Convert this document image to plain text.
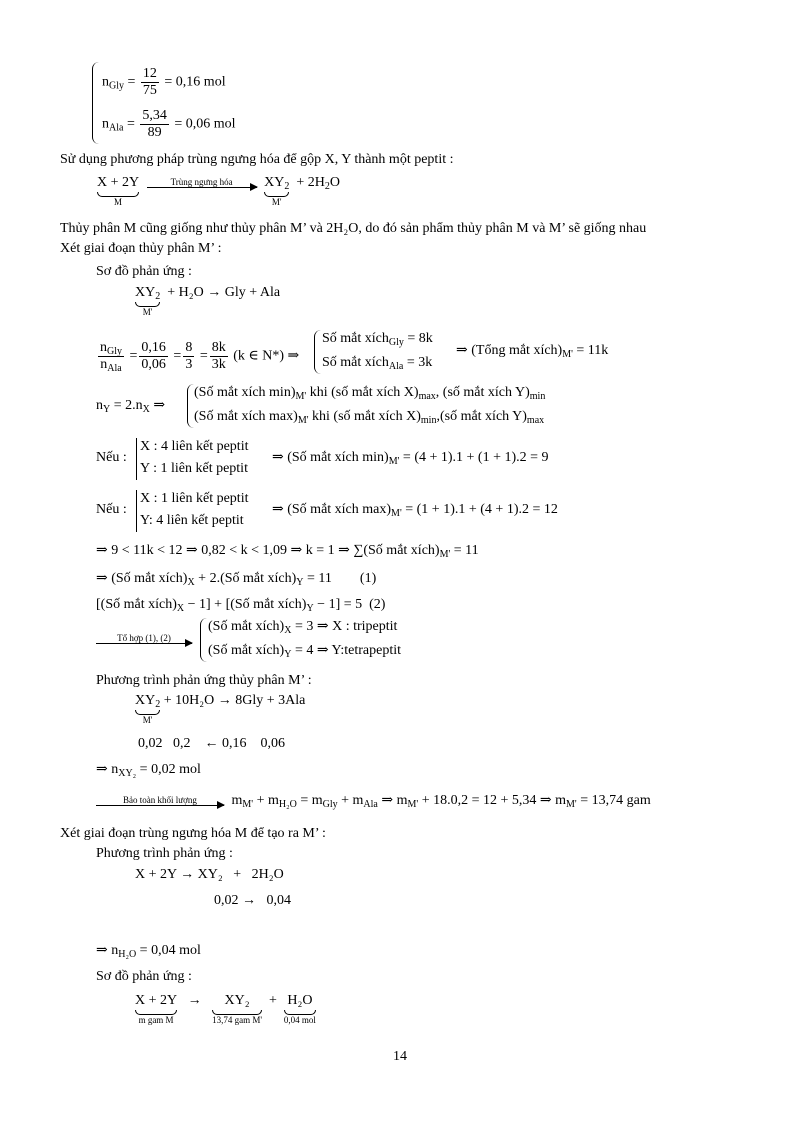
$n_{Gly} = \frac{12}{75} = 0,16$ mol
$n_{Ala} = \frac{5,34}{89} = 0,06$ mol
Sử dụng phương pháp trùng ngưng hóa để gộp X, Y thành một peptit :
X + 2Y
M

Trùng ngưng hóa
$XY_2$
M'
+ $2H_2O$
Thủy phân M cũng giống như thủy phân M’ và 2H₂O, do đó sản phẩm thủy phân M và M’ sẽ giống nhau
Xét giai đoạn thủy phân M’ :
Sơ đồ phản ứng :
$XY_2$
M'
+ H₂O → Gly + Ala
$\frac{n_{Gly}}{n_{Ala}} = \frac{0,16}{0,06} = \frac{8}{3} = \frac{8k}{3k} (k$ ∈ N*) ⇒
Số mắt xích$_{Gly}$ = 8k
Số mắt xích$_{Ala}$ = 3k
⇒ (Tổng mắt $xích)_{M'} = 11k$
$n_Y = 2.n_X$ ⇒
(Số mắt xích $\min)_{M'}$ khi (số mắt xích $X)_{max}$, (số mắt xích $Y)_{min}$
(Số mắt xích $\max)_{M'}$ khi (số mắt xích $X)_{min},(số$ mắt xích $Y)_{max}$
Nếu :
X : 4 liên kết peptit
Y : 1 liên kết peptit
⇒ (Số mắt xích $\min)_{M'} = (4 + 1).1 + (1 + 1).2 = 9$
Nếu :
X : 1 liên kết peptit
Y: 4 liên kết peptit
⇒ (Số mắt xích $\max)_{M'} = (1 + 1).1 + (4 + 1).2 = 12$
⇒ 9 < 11k < 12 ⇒ 0,82 < k < 1,09 ⇒ k = 1 ⇒ ∑(Số mắt $xích)_{M'} = 11$
⇒ (Số mắt $xích)_X$ + 2.(Số mắt $xích)_Y = 11$ (1)
[(Số mắt $xích)_X - 1$] + [(Số mắt $xích)_Y - 1] = 5$ (2)
Tổ hợp (1), (2)
(Số mắt $xích)_X = 3$ ⇒ X : tripeptit
(Số mắt $xích)_Y = 4$ ⇒ Y:tetrapeptit
Phương trình phản ứng thủy phân M’ :
$XY_2$
M'
+ 10H₂O → 8Gly + 3Ala
0,02   0,2    ← 0,16    0,06
⇒ $n_{XY_2} = 0,02$ mol
Bảo toàn khối lượng $m_{M'} + m_{H_2O} = m_{Gly} + m_{Ala}$ ⇒ $m_{M'} + 18.0,2 = 12 + 5,34$ ⇒ $m_{M'} = 13,74$ gam
Xét giai đoạn trùng ngưng hóa M để tạo ra M’ :
Phương trình phản ứng :
X + 2Y → XY₂   +   2H₂O
0,02 →   0,04
⇒ $n_{H_2O} = 0,04$ mol
Sơ đồ phản ứng :
X + 2Y
m gam M
→ XY₂
13,74 gam M'
+ H₂O
0,04 mol
14
